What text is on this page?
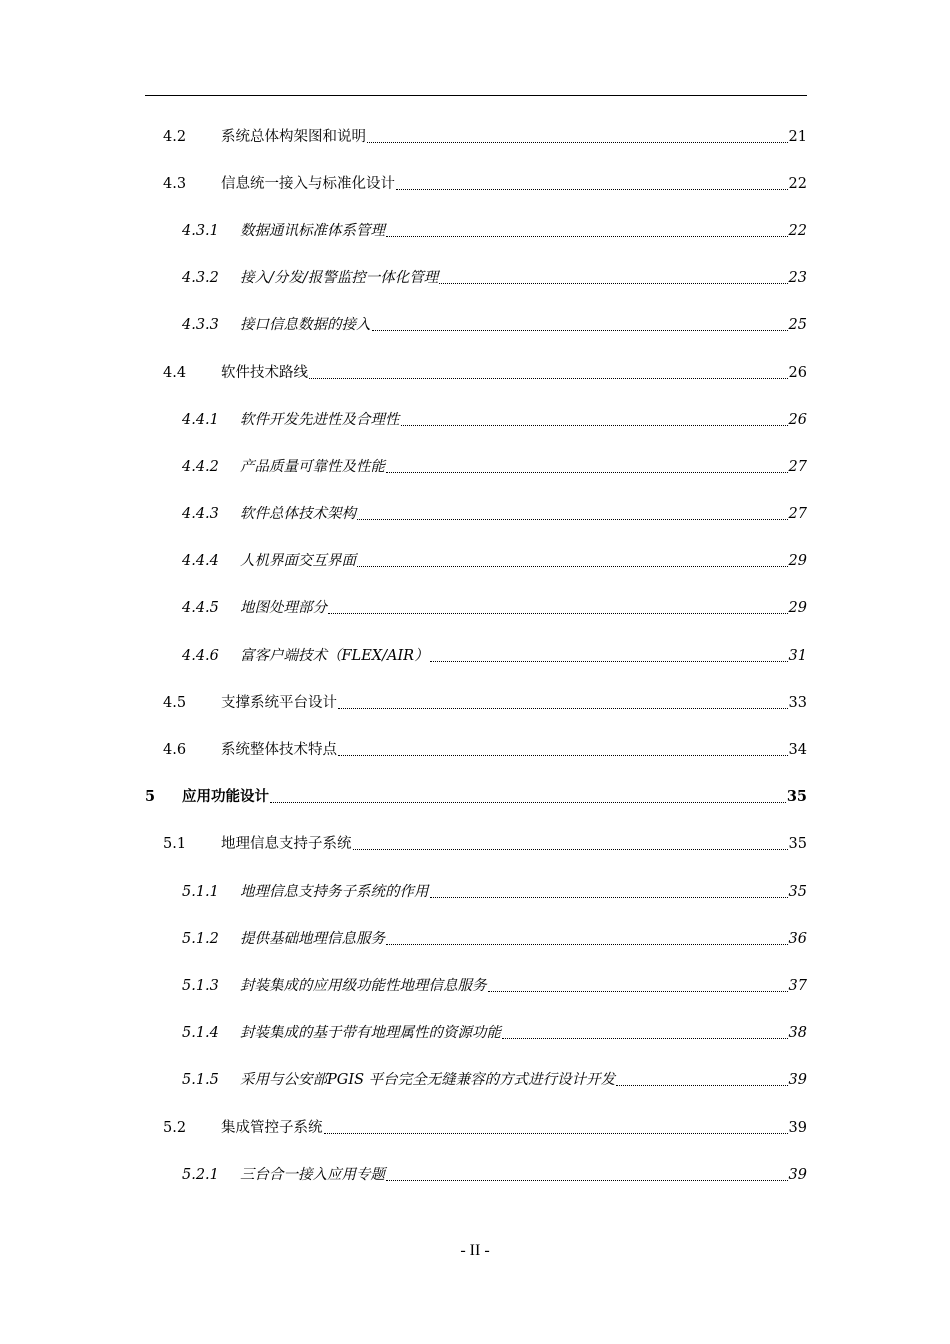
4.2	系统总体构架图和说明	21
4.3	信息统一接入与标准化设计	22
4.3.1	数据通讯标准体系管理	22
4.3.2	接入/分发/报警监控一体化管理	23
4.3.3	接口信息数据的接入	25
4.4	软件技术路线	26
4.4.1	软件开发先进性及合理性	26
4.4.2	产品质量可靠性及性能	27
4.4.3	软件总体技术架构	27
4.4.4	人机界面交互界面	29
4.4.5	地图处理部分	29
4.4.6	富客户端技术（FLEX/AIR）	31
4.5	支撑系统平台设计	33
4.6	系统整体技术特点	34
5	应用功能设计	35
5.1	地理信息支持子系统	35
5.1.1	地理信息支持务子系统的作用	35
5.1.2	提供基础地理信息服务	36
5.1.3	封装集成的应用级功能性地理信息服务	37
5.1.4	封装集成的基于带有地理属性的资源功能	38
5.1.5	采用与公安部PGIS 平台完全无缝兼容的方式进行设计开发	39
5.2	集成管控子系统	39
5.2.1	三台合一接入应用专题	39
- II -
